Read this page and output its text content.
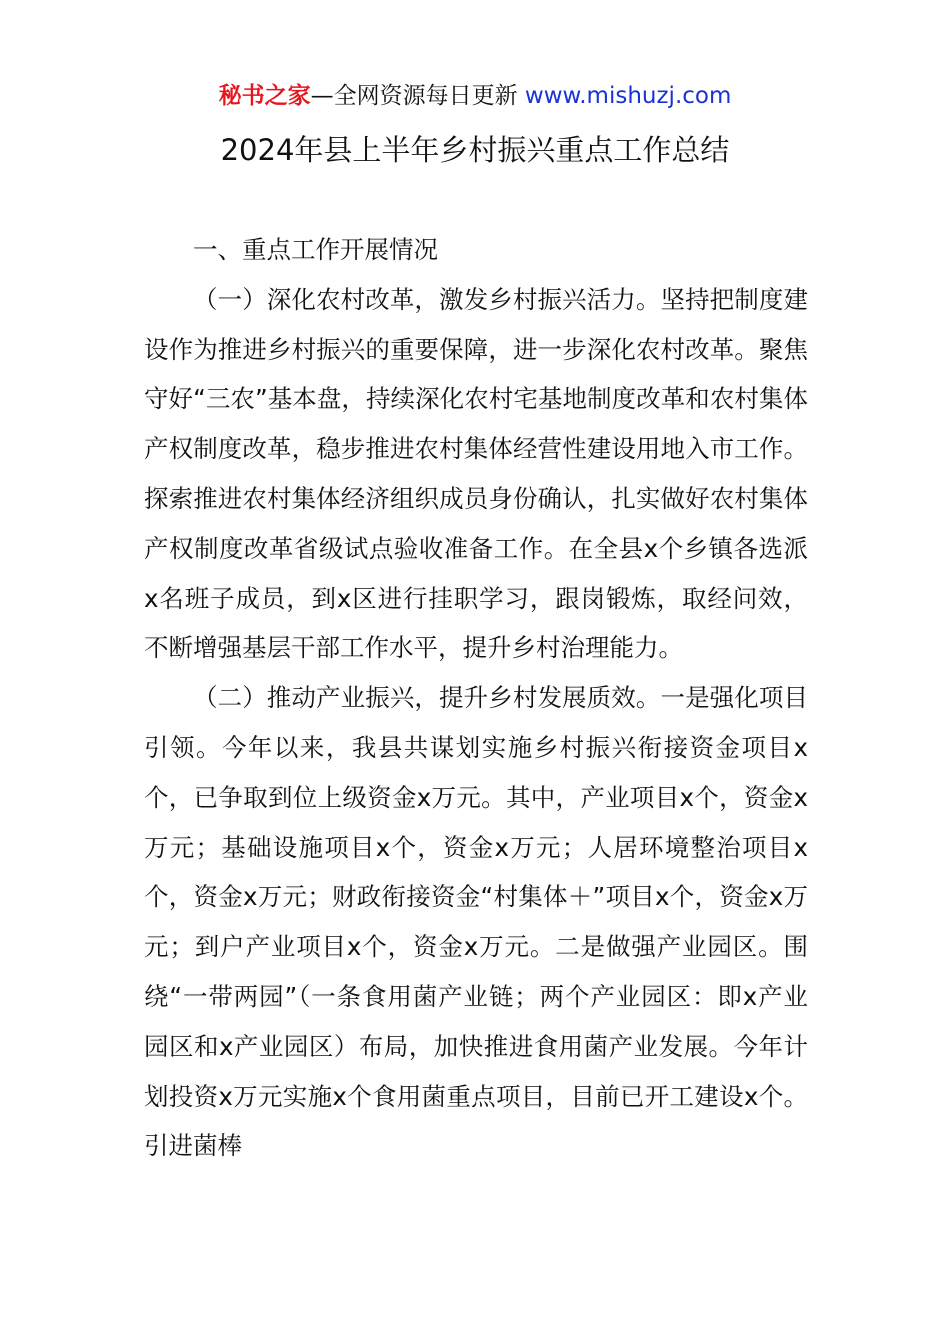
秘书之家—全网资源每日更新 www.mishuzj.com
2024年县上半年乡村振兴重点工作总结

一、重点工作开展情况

（一）深化农村改革，激发乡村振兴活力。坚持把制度建设作为推进乡村振兴的重要保障，进一步深化农村改革。聚焦守好“三农”基本盘，持续深化农村宅基地制度改革和农村集体产权制度改革，稳步推进农村集体经营性建设用地入市工作。探索推进农村集体经济组织成员身份确认，扎实做好农村集体产权制度改革省级试点验收准备工作。在全县x个乡镇各选派x名班子成员，到x区进行挂职学习，跟岗锻炼，取经问效，不断增强基层干部工作水平，提升乡村治理能力。

（二）推动产业振兴，提升乡村发展质效。一是强化项目引领。今年以来，我县共谋划实施乡村振兴衔接资金项目x个，已争取到位上级资金x万元。其中，产业项目x个，资金x万元；基础设施项目x个，资金x万元；人居环境整治项目x个，资金x万元；财政衔接资金“村集体＋”项目x个，资金x万元；到户产业项目x个，资金x万元。二是做强产业园区。围绕“一带两园”（一条食用菌产业链；两个产业园区：即x产业园区和x产业园区）布局，加快推进食用菌产业发展。今年计划投资x万元实施x个食用菌重点项目，目前已开工建设x个。引进菌棒
